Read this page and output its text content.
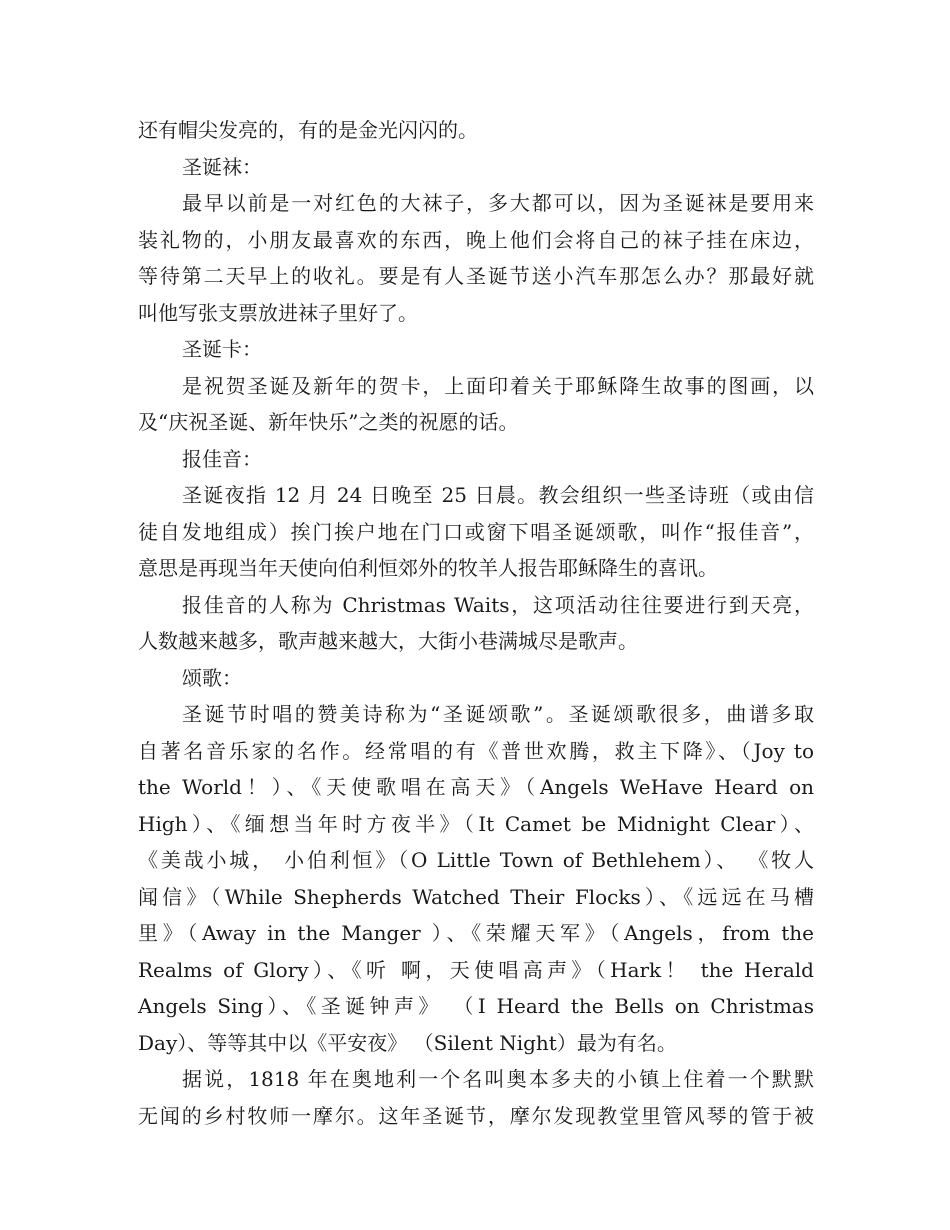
还有帽尖发亮的，有的是金光闪闪的。
圣诞袜：
最早以前是一对红色的大袜子，多大都可以，因为圣诞袜是要用来
装礼物的，小朋友最喜欢的东西，晚上他们会将自己的袜子挂在床边，
等待第二天早上的收礼。要是有人圣诞节送小汽车那怎么办？那最好就
叫他写张支票放进袜子里好了。
圣诞卡：
是祝贺圣诞及新年的贺卡，上面印着关于耶稣降生故事的图画，以
及“庆祝圣诞、新年快乐”之类的祝愿的话。
报佳音：
圣诞夜指 12 月 24 日晚至 25 日晨。教会组织一些圣诗班（或由信
徒自发地组成）挨门挨户地在门口或窗下唱圣诞颂歌，叫作“报佳音”，
意思是再现当年天使向伯利恒郊外的牧羊人报告耶稣降生的喜讯。
报佳音的人称为 Christmas Waits，这项活动往往要进行到天亮，
人数越来越多，歌声越来越大，大街小巷满城尽是歌声。
颂歌：
圣诞节时唱的赞美诗称为“圣诞颂歌”。圣诞颂歌很多，曲谱多取
自著名音乐家的名作。经常唱的有《普世欢腾，救主下降》、（Joy to
the World！）、《天使歌唱在高天》（Angels WeHave Heard on
High）、《缅想当年时方夜半》（It Camet be Midnight Clear）、
《美哉小城， 小伯利恒》（O Little Town of Bethlehem）、 《牧人
闻信》（While Shepherds Watched Their Flocks）、《远远在马槽
里》（Away in the Manger ）、《荣耀天军》（Angels，from the
Realms of Glory）、《听 啊，天使唱高声》（Hark！ the Herald
Angels Sing）、《圣诞钟声》 （I Heard the Bells on Christmas
Day）、等等其中以《平安夜》 （Silent Night）最为有名。
据说，1818 年在奥地利一个名叫奥本多夫的小镇上住着一个默默
无闻的乡村牧师一摩尔。这年圣诞节，摩尔发现教堂里管风琴的管于被
